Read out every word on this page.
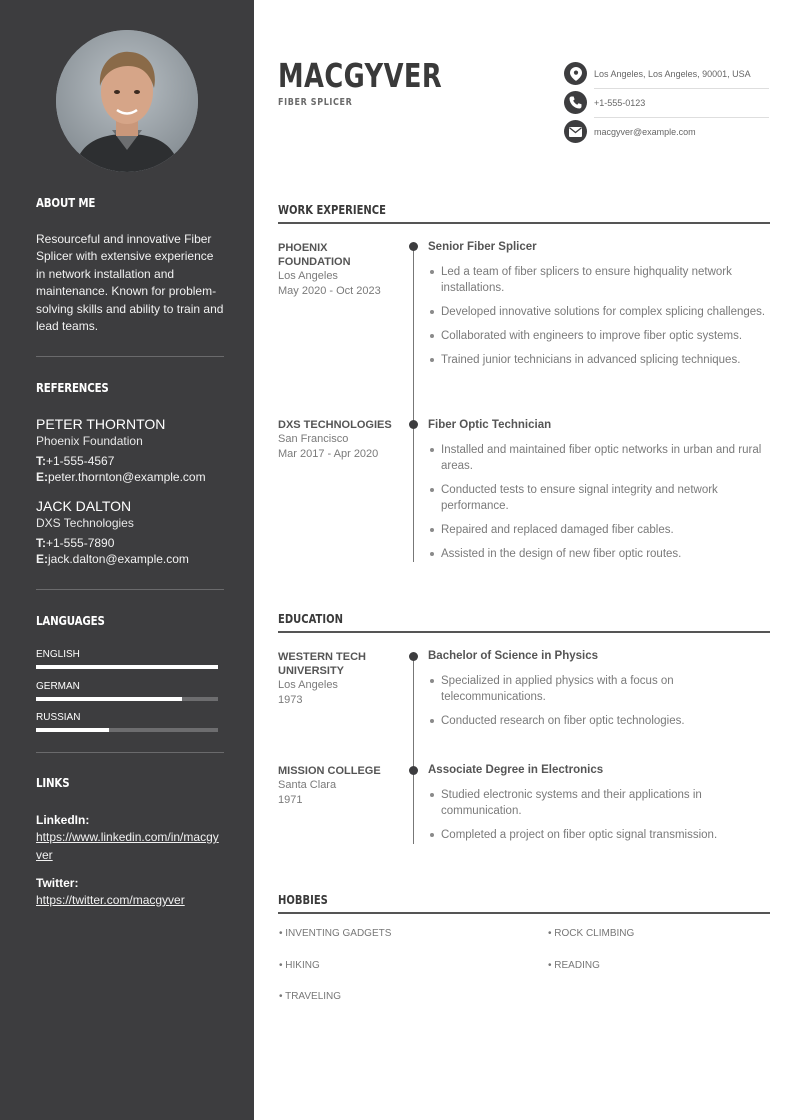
ABOUT ME
Resourceful and innovative Fiber Splicer with extensive experience in network installation and maintenance. Known for problem-solving skills and ability to train and lead teams.
REFERENCES
PETER THORNTON
Phoenix Foundation
T:+1-555-4567
E:peter.thornton@example.com
JACK DALTON
DXS Technologies
T:+1-555-7890
E:jack.dalton@example.com
LANGUAGES
ENGLISH
GERMAN
RUSSIAN
LINKS
LinkedIn:
https://www.linkedin.com/in/macgyver
Twitter:
https://twitter.com/macgyver
MACGYVER
FIBER SPLICER
Los Angeles, Los Angeles, 90001, USA
+1-555-0123
macgyver@example.com
WORK EXPERIENCE
PHOENIX FOUNDATION
Los Angeles
May 2020 - Oct 2023
Senior Fiber Splicer
Led a team of fiber splicers to ensure highquality network installations.
Developed innovative solutions for complex splicing challenges.
Collaborated with engineers to improve fiber optic systems.
Trained junior technicians in advanced splicing techniques.
DXS TECHNOLOGIES
San Francisco
Mar 2017 - Apr 2020
Fiber Optic Technician
Installed and maintained fiber optic networks in urban and rural areas.
Conducted tests to ensure signal integrity and network performance.
Repaired and replaced damaged fiber cables.
Assisted in the design of new fiber optic routes.
EDUCATION
WESTERN TECH UNIVERSITY
Los Angeles
1973
Bachelor of Science in Physics
Specialized in applied physics with a focus on telecommunications.
Conducted research on fiber optic technologies.
MISSION COLLEGE
Santa Clara
1971
Associate Degree in Electronics
Studied electronic systems and their applications in communication.
Completed a project on fiber optic signal transmission.
HOBBIES
• INVENTING GADGETS	• ROCK CLIMBING
• HIKING	• READING
• TRAVELING
